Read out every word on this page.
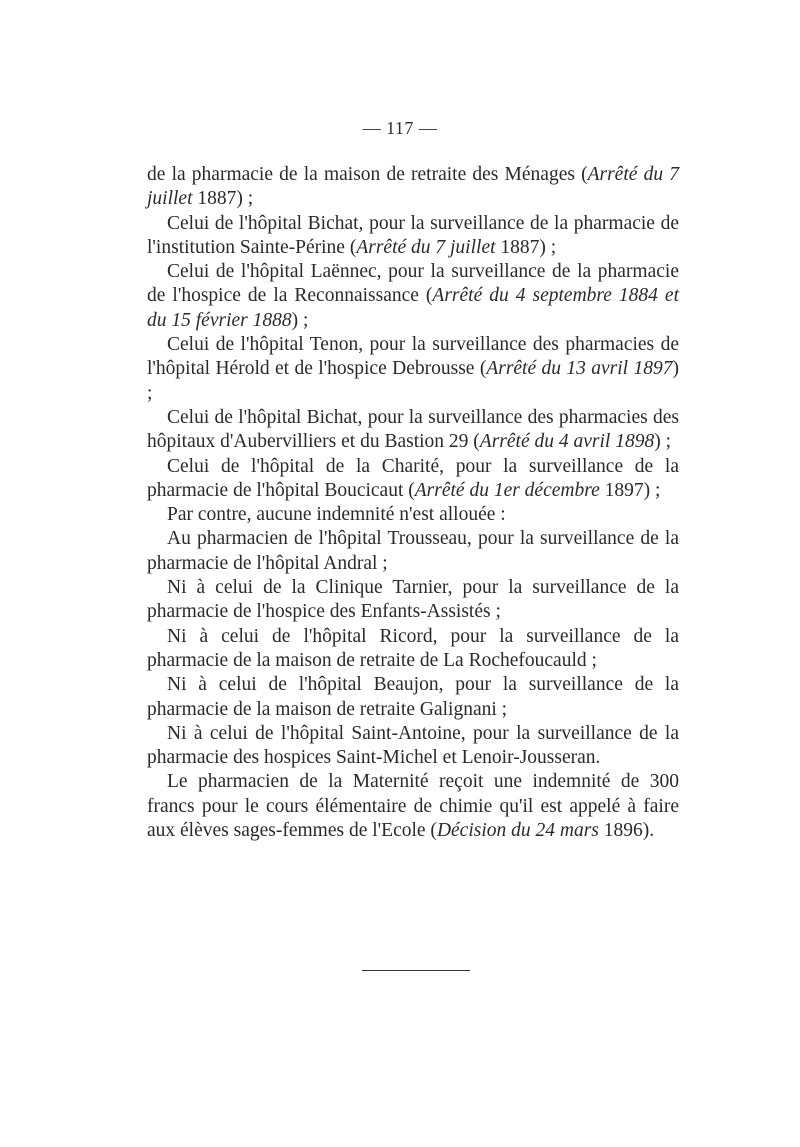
— 117 —

de la pharmacie de la maison de retraite des Ménages (Arrêté du 7 juillet 1887) ;

Celui de l'hôpital Bichat, pour la surveillance de la pharmacie de l'institution Sainte-Périne (Arrêté du 7 juillet 1887) ;

Celui de l'hôpital Laënnec, pour la surveillance de la pharmacie de l'hospice de la Reconnaissance (Arrêté du 4 septembre 1884 et du 15 février 1888) ;

Celui de l'hôpital Tenon, pour la surveillance des pharmacies de l'hôpital Hérold et de l'hospice Debrousse (Arrêté du 13 avril 1897) ;

Celui de l'hôpital Bichat, pour la surveillance des pharmacies des hôpitaux d'Aubervilliers et du Bastion 29 (Arrêté du 4 avril 1898) ;

Celui de l'hôpital de la Charité, pour la surveillance de la pharmacie de l'hôpital Boucicaut (Arrêté du 1er décembre 1897) ;

Par contre, aucune indemnité n'est allouée :

Au pharmacien de l'hôpital Trousseau, pour la surveillance de la pharmacie de l'hôpital Andral ;

Ni à celui de la Clinique Tarnier, pour la surveillance de la pharmacie de l'hospice des Enfants-Assistés ;

Ni à celui de l'hôpital Ricord, pour la surveillance de la pharmacie de la maison de retraite de La Rochefoucauld ;

Ni à celui de l'hôpital Beaujon, pour la surveillance de la pharmacie de la maison de retraite Galignani ;

Ni à celui de l'hôpital Saint-Antoine, pour la surveillance de la pharmacie des hospices Saint-Michel et Lenoir-Jousseran.

Le pharmacien de la Maternité reçoit une indemnité de 300 francs pour le cours élémentaire de chimie qu'il est appelé à faire aux élèves sages-femmes de l'Ecole (Décision du 24 mars 1896).
